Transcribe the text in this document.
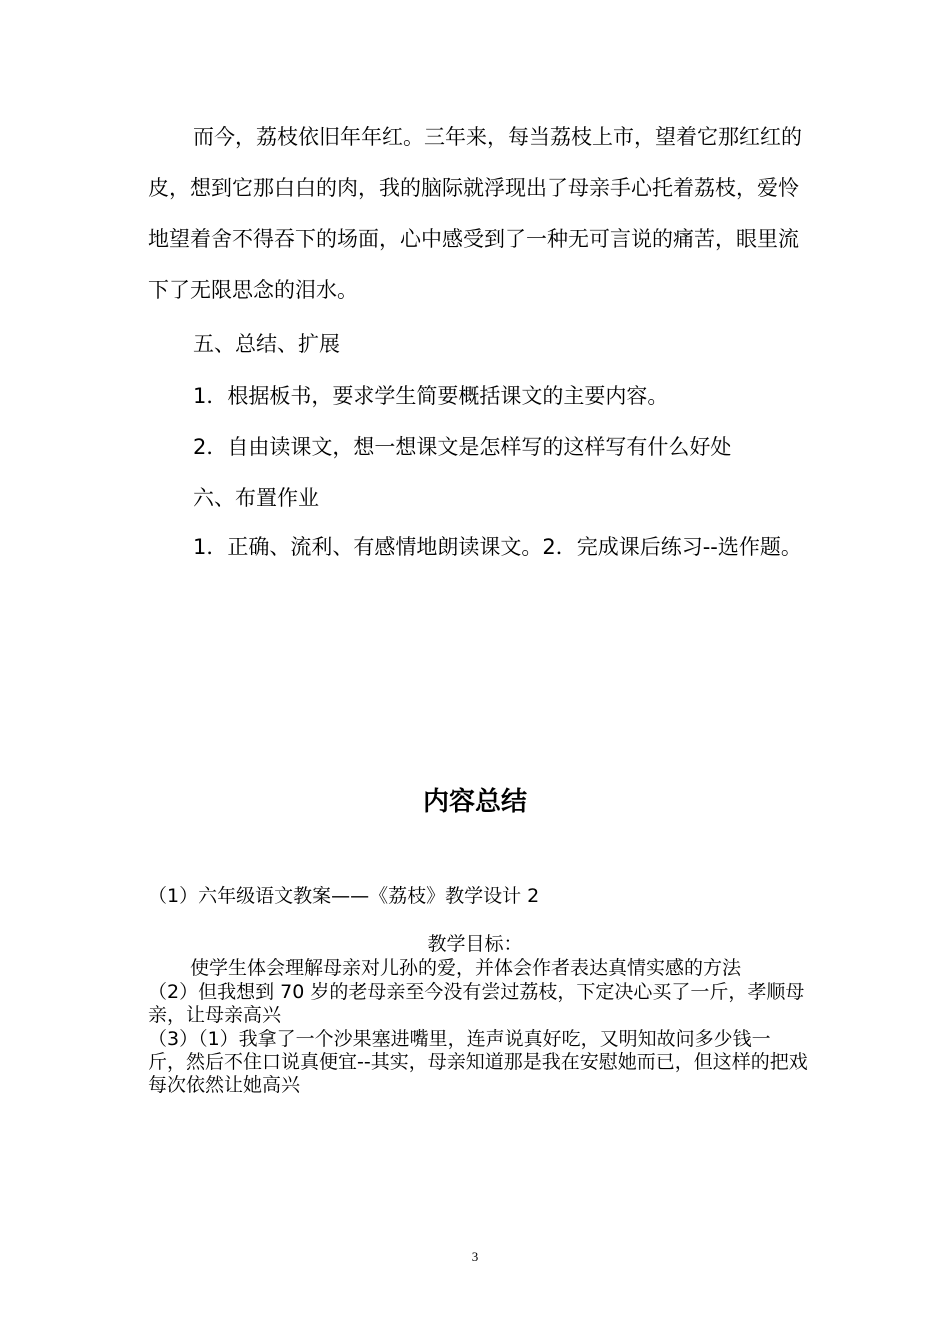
而今，荔枝依旧年年红。三年来，每当荔枝上市，望着它那红红的皮，想到它那白白的肉，我的脑际就浮现出了母亲手心托着荔枝，爱怜地望着舍不得吞下的场面，心中感受到了一种无可言说的痛苦，眼里流下了无限思念的泪水。

五、总结、扩展

1．根据板书，要求学生简要概括课文的主要内容。

2．自由读课文，想一想课文是怎样写的这样写有什么好处

六、布置作业

1．正确、流利、有感情地朗读课文。2．完成课后练习--选作题。

内容总结

（1）六年级语文教案——《荔枝》教学设计 2

教学目标：

使学生体会理解母亲对儿孙的爱，并体会作者表达真情实感的方法

（2）但我想到 70 岁的老母亲至今没有尝过荔枝，下定决心买了一斤，孝顺母亲，让母亲高兴

（3）（1）我拿了一个沙果塞进嘴里，连声说真好吃，又明知故问多少钱一斤，然后不住口说真便宜--其实，母亲知道那是我在安慰她而已，但这样的把戏每次依然让她高兴

3
